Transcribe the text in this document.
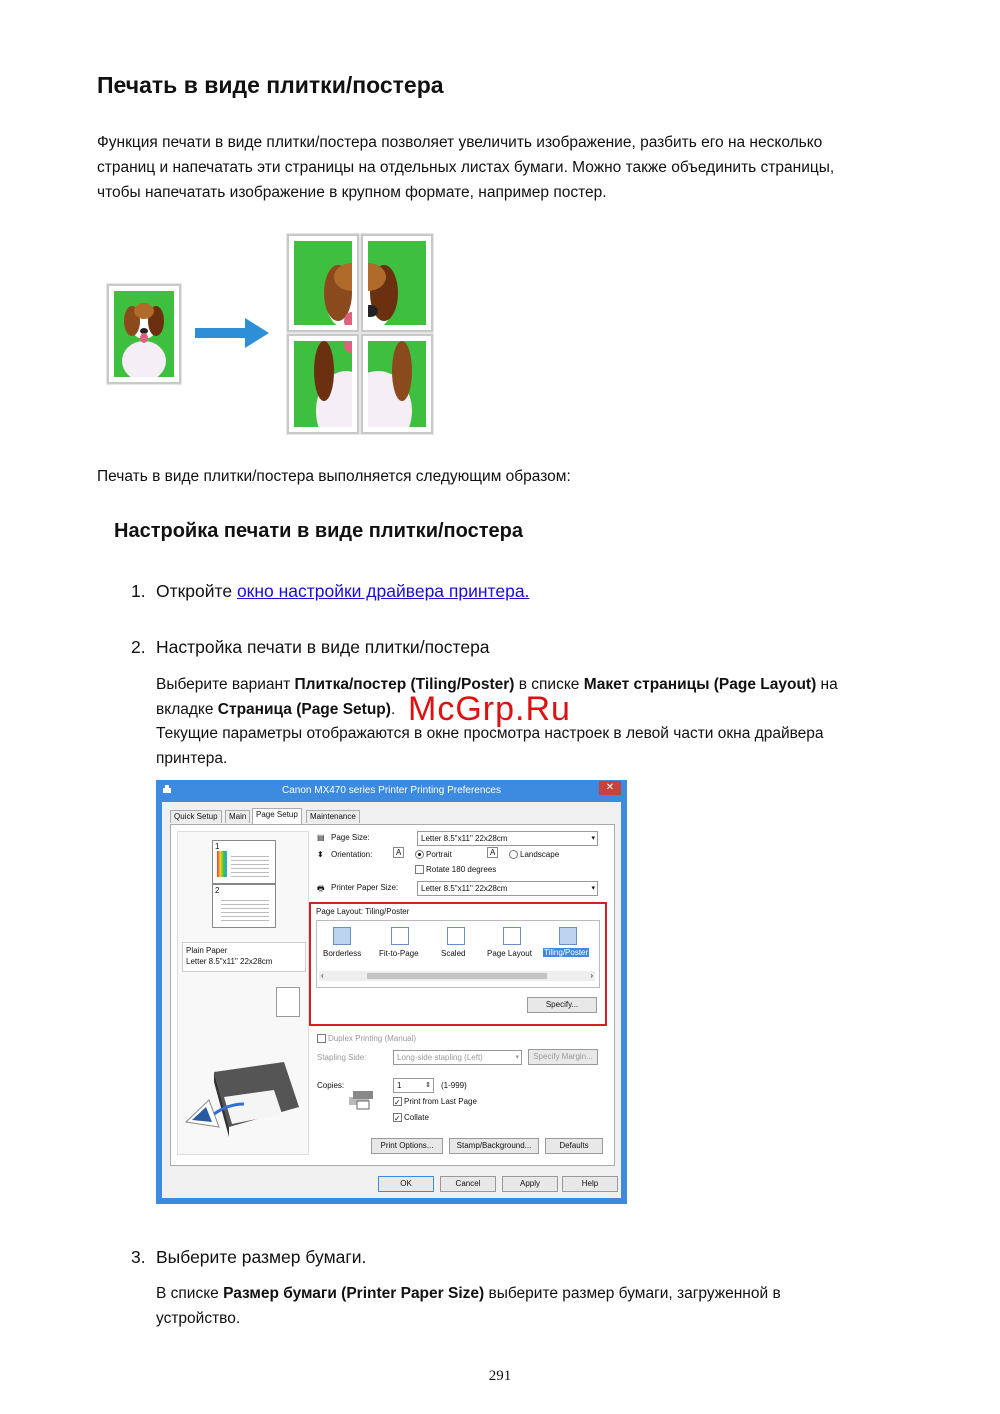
Печать в виде плитки/постера
Функция печати в виде плитки/постера позволяет увеличить изображение, разбить его на несколько
страниц и напечатать эти страницы на отдельных листах бумаги. Можно также объединить страницы,
чтобы напечатать изображение в крупном формате, например постер.
Печать в виде плитки/постера выполняется следующим образом:
Настройка печати в виде плитки/постера
1. Откройте окно настройки драйвера принтера.
2. Настройка печати в виде плитки/постера
Выберите вариант Плитка/постер (Tiling/Poster) в списке Макет страницы (Page Layout) на
вкладке Страница (Page Setup).
Текущие параметры отображаются в окне просмотра настроек в левой части окна драйвера
принтера.
McGrp.Ru
Canon MX470 series Printer Printing Preferences	✕
Quick Setup	Main	Page Setup	Maintenance
1
2
Plain Paper
Letter 8.5"x11" 22x28cm
▤ Page Size:	Letter 8.5"x11" 22x28cm	▾
⬍ Orientation:	A	Portrait	A	Landscape
Rotate 180 degrees
🖶 Printer Paper Size:	Letter 8.5"x11" 22x28cm	▾
Page Layout: Tiling/Poster
Borderless Fit-to-Page	Scaled	Page Layout Tiling/Poster
‹	›
Specify...
Duplex Printing (Manual)
Stapling Side:	Long-side stapling (Left)	▾	Specify Margin...
Copies:	1	⇕ (1-999)
✓ Print from Last Page
✓ Collate
Print Options...	Stamp/Background...	Defaults
OK	Cancel	Apply	Help
3. Выберите размер бумаги.
В списке Размер бумаги (Printer Paper Size) выберите размер бумаги, загруженной в
устройство.
291
